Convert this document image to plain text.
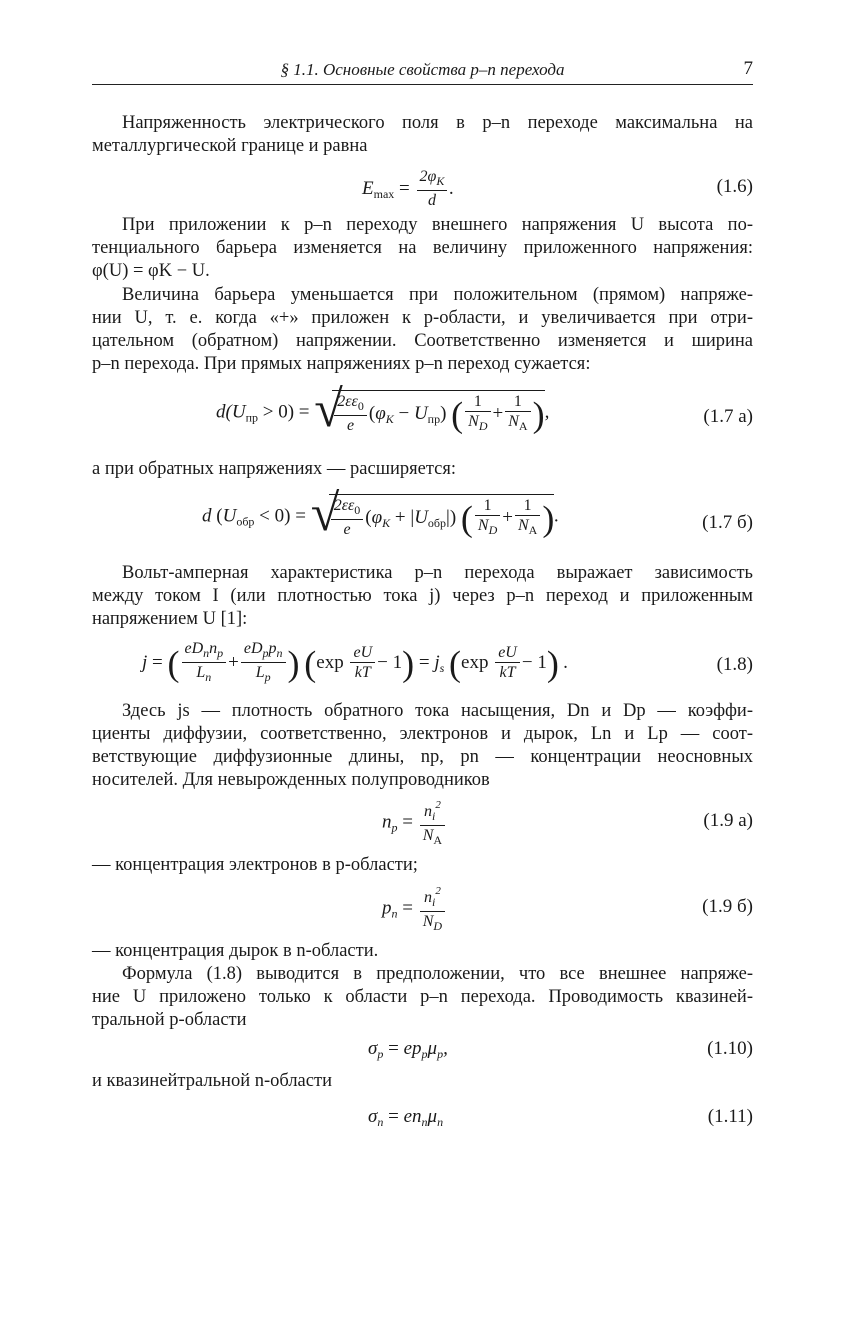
§ 1.1. Основные свойства p–n перехода	7
Напряженность электрического поля в p–n переходе максимальна на
металлургической границе и равна
$E_{max} = \frac{2\varphi_K}{d}$ .	(1.6)
При приложении к p–n переходу внешнего напряжения U высота по-
тенциального барьера изменяется на величину приложенного напряжения:
φ(U) = φK − U.
Величина барьера уменьшается при положительном (прямом) напряже-
нии U, т. е. когда «+» приложен к p-области, и увеличивается при отри-
цательном (обратном) напряжении. Соответственно изменяется и ширина
p–n перехода. При прямых напряжениях p–n переход сужается:
$d(U_{пр} > 0)$ = √
$\frac{2\varepsilon\varepsilon_0}{e} (\varphi_K - U_{пр})$ ( $\frac{1}{N_D} + \frac{1}{N_A}$ ),	(1.7 а)
а при обратных напряжениях — расширяется:
d $(U_{обр} < 0)$ = √
$\frac{2\varepsilon\varepsilon_0}{e} (\varphi_K + |U_{обр}|)$ ( $\frac{1}{N_D} + \frac{1}{N_A}$ ).	(1.7 б)
Вольт-амперная характеристика p–n перехода выражает зависимость
между током I (или плотностью тока j) через p–n переход и приложенным
напряжением U [1]:
j = ( $\frac{eD_nn_p}{L_n} + \frac{eD_pp_n}{L_p}$ ) $(\exp \frac{eU}{kT} - 1) = j_s$ $(\exp \frac{eU}{kT} - 1)$ .	(1.8)
Здесь js — плотность обратного тока насыщения, Dn и Dp — коэффи-
циенты диффузии, соответственно, электронов и дырок, Ln и Lp — соот-
ветствующие диффузионные длины, np, pn — концентрации неосновных
носителей. Для невырожденных полупроводников
$n_p = \frac{n_i^2}{N_A}$	(1.9 а)
— концентрация электронов в p-области;
$p_n = \frac{n_i^2}{N_D}$	(1.9 б)
— концентрация дырок в n-области.
Формула (1.8) выводится в предположении, что все внешнее напряже-
ние U приложено только к области p–n перехода. Проводимость квазиней-
тральной p-области
$\sigma_p = ep_p\mu_p$,	(1.10)
и квазинейтральной n-области
$\sigma_n = en_n\mu_n$	(1.11)
